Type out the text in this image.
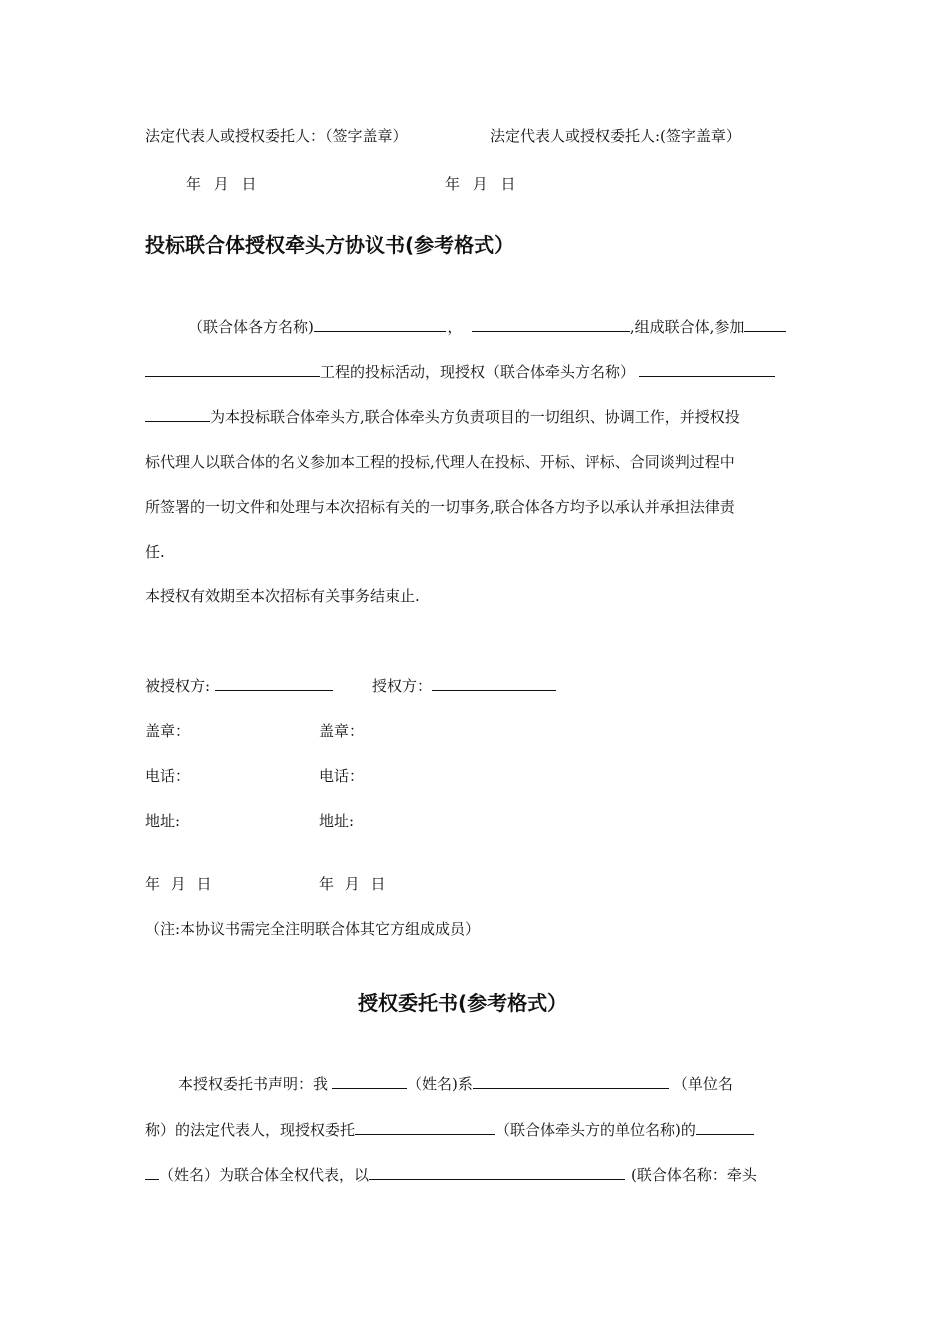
法定代表人或授权委托人：（签字盖章）	法定代表人或授权委托人:(签字盖章）
年 月 日	年 月 日
投标联合体授权牵头方协议书(参考格式）
（联合体各方名称)	，	,组成联合体,参加
工程的投标活动，现授权（联合体牵头方名称）
为本投标联合体牵头方,联合体牵头方负责项目的一切组织、协调工作，并授权投
标代理人以联合体的名义参加本工程的投标,代理人在投标、开标、评标、合同谈判过程中
所签署的一切文件和处理与本次招标有关的一切事务,联合体各方均予以承认并承担法律责
任.
本授权有效期至本次招标有关事务结束止.
被授权方:	授权方：
盖章：	盖章：
电话：	电话：
地址:	地址:
年 月 日	年 月 日
（注:本协议书需完全注明联合体其它方组成成员）
授权委托书(参考格式）
本授权委托书声明：我	（姓名)系	（单位名
称）的法定代表人，现授权委托	（联合体牵头方的单位名称)的
（姓名）为联合体全权代表，以	(联合体名称：牵头
